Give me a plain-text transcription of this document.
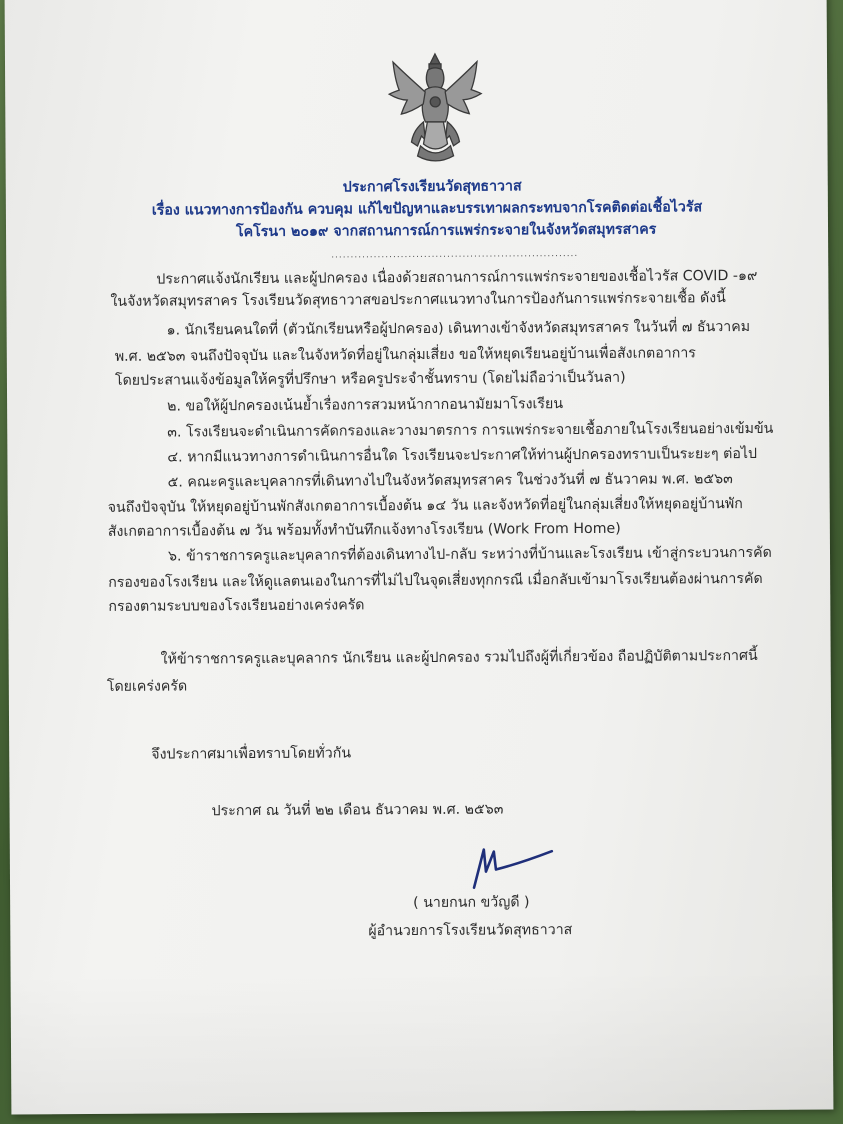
ประกาศโรงเรียนวัดสุทธาวาส
เรื่อง แนวทางการป้องกัน ควบคุม แก้ไขปัญหาและบรรเทาผลกระทบจากโรคติดต่อเชื้อไวรัส
โคโรนา ๒๐๑๙ จากสถานการณ์การแพร่กระจายในจังหวัดสมุทรสาคร
................................................................
ประกาศแจ้งนักเรียน และผู้ปกครอง เนื่องด้วยสถานการณ์การแพร่กระจายของเชื้อไวรัส COVID -๑๙
ในจังหวัดสมุทรสาคร โรงเรียนวัดสุทธาวาสขอประกาศแนวทางในการป้องกันการแพร่กระจายเชื้อ ดังนี้
๑. นักเรียนคนใดที่ (ตัวนักเรียนหรือผู้ปกครอง) เดินทางเข้าจังหวัดสมุทรสาคร ในวันที่ ๗ ธันวาคม
พ.ศ. ๒๕๖๓ จนถึงปัจจุบัน และในจังหวัดที่อยู่ในกลุ่มเสี่ยง ขอให้หยุดเรียนอยู่บ้านเพื่อสังเกตอาการ
โดยประสานแจ้งข้อมูลให้ครูที่ปรึกษา หรือครูประจำชั้นทราบ (โดยไม่ถือว่าเป็นวันลา)
๒. ขอให้ผู้ปกครองเน้นย้ำเรื่องการสวมหน้ากากอนามัยมาโรงเรียน
๓. โรงเรียนจะดำเนินการคัดกรองและวางมาตรการ การแพร่กระจายเชื้อภายในโรงเรียนอย่างเข้มข้น
๔. หากมีแนวทางการดำเนินการอื่นใด โรงเรียนจะประกาศให้ท่านผู้ปกครองทราบเป็นระยะๆ ต่อไป
๕. คณะครูและบุคลากรที่เดินทางไปในจังหวัดสมุทรสาคร ในช่วงวันที่ ๗ ธันวาคม พ.ศ. ๒๕๖๓
จนถึงปัจจุบัน ให้หยุดอยู่บ้านพักสังเกตอาการเบื้องต้น ๑๔ วัน และจังหวัดที่อยู่ในกลุ่มเสี่ยงให้หยุดอยู่บ้านพัก
สังเกตอาการเบื้องต้น ๗ วัน พร้อมทั้งทำบันทึกแจ้งทางโรงเรียน (Work From Home)
๖. ข้าราชการครูและบุคลากรที่ต้องเดินทางไป-กลับ ระหว่างที่บ้านและโรงเรียน เข้าสู่กระบวนการคัด
กรองของโรงเรียน และให้ดูแลตนเองในการที่ไม่ไปในจุดเสี่ยงทุกกรณี เมื่อกลับเข้ามาโรงเรียนต้องผ่านการคัด
กรองตามระบบของโรงเรียนอย่างเคร่งครัด
ให้ข้าราชการครูและบุคลากร นักเรียน และผู้ปกครอง รวมไปถึงผู้ที่เกี่ยวข้อง ถือปฏิบัติตามประกาศนี้
โดยเคร่งครัด
จึงประกาศมาเพื่อทราบโดยทั่วกัน
ประกาศ ณ วันที่ ๒๒ เดือน ธันวาคม พ.ศ. ๒๕๖๓
( นายกนก ขวัญดี )
ผู้อำนวยการโรงเรียนวัดสุทธาวาส
